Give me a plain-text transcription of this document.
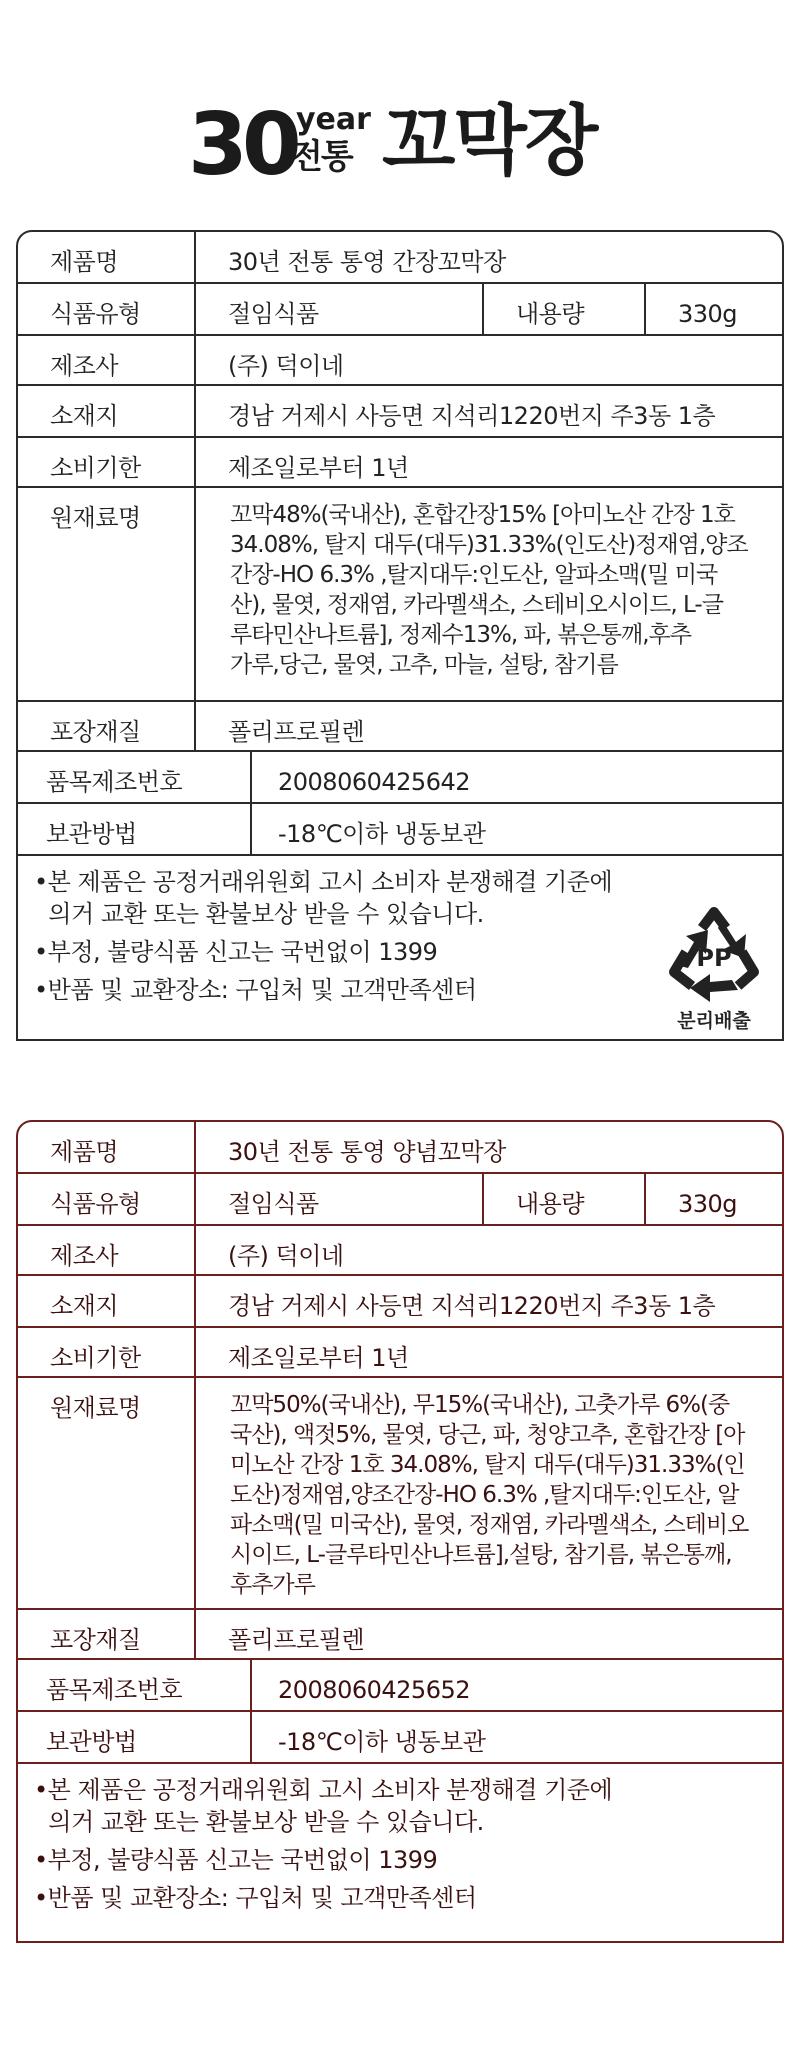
30 year
전통 꼬막장
제품명	30년 전통 통영 간장꼬막장
식품유형	절임식품	내용량	330g
제조사	(주) 덕이네
소재지	경남 거제시 사등면 지석리1220번지 주3동 1층
소비기한	제조일로부터 1년
원재료명	꼬막48%(국내산), 혼합간장15% [아미노산 간장 1호
34.08%, 탈지 대두(대두)31.33%(인도산)정재염,양조
간장-HO 6.3% ,탈지대두:인도산, 알파소맥(밀 미국
산), 물엿, 정재염, 카라멜색소, 스테비오시이드, L-글
루타민산나트륨], 정제수13%, 파, 볶은통깨,후추
가루,당근, 물엿, 고추, 마늘, 설탕, 참기름
포장재질	폴리프로필렌
품목제조번호	2008060425642
보관방법	-18℃이하 냉동보관

•본 제품은 공정거래위원회 고시 소비자 분쟁해결 기준에

의거 교환 또는 환불보상 받을 수 있습니다.

•부정, 불량식품 신고는 국번없이 1399

•반품 및 교환장소: 구입처 및 고객만족센터

PP
분리배출
제품명	30년 전통 통영 양념꼬막장
식품유형	절임식품	내용량	330g
제조사	(주) 덕이네
소재지	경남 거제시 사등면 지석리1220번지 주3동 1층
소비기한	제조일로부터 1년
원재료명	꼬막50%(국내산), 무15%(국내산), 고춧가루 6%(중
국산), 액젓5%, 물엿, 당근, 파, 청양고추, 혼합간장 [아
미노산 간장 1호 34.08%, 탈지 대두(대두)31.33%(인
도산)정재염,양조간장-HO 6.3% ,탈지대두:인도산, 알
파소맥(밀 미국산), 물엿, 정재염, 카라멜색소, 스테비오
시이드, L-글루타민산나트륨],설탕, 참기름, 볶은통깨,
후추가루
포장재질	폴리프로필렌
품목제조번호	2008060425652
보관방법	-18℃이하 냉동보관

•본 제품은 공정거래위원회 고시 소비자 분쟁해결 기준에

의거 교환 또는 환불보상 받을 수 있습니다.

•부정, 불량식품 신고는 국번없이 1399

•반품 및 교환장소: 구입처 및 고객만족센터
